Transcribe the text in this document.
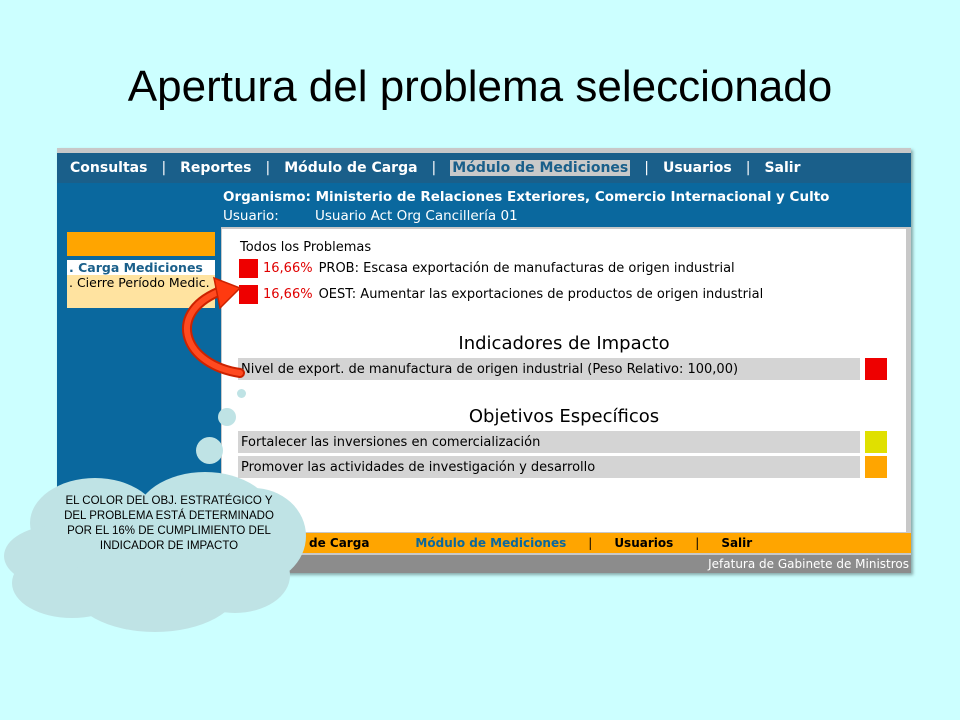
Apertura del problema seleccionado
Consultas | Reportes | Módulo de Carga | Módulo de Mediciones | Usuarios | Salir
Organismo: Ministerio de Relaciones Exteriores, Comercio Internacional y Culto
Usuario:	Usuario Act Org Cancillería 01
. Carga Mediciones
. Cierre Período Medic.
Todos los Problemas
16,66% PROB: Escasa exportación de manufacturas de origen industrial
16,66% OEST: Aumentar las exportaciones de productos de origen industrial
Indicadores de Impacto
Nivel de export. de manufactura de origen industrial (Peso Relativo: 100,00)
Objetivos Específicos
Fortalecer las inversiones en comercialización
Promover las actividades de investigación y desarrollo
de Carga	Módulo de Mediciones | Usuarios | Salir
Jefatura de Gabinete de Ministros
EL COLOR DEL OBJ. ESTRATÉGICO Y DEL PROBLEMA ESTÁ DETERMINADO POR EL 16% DE CUMPLIMIENTO DEL INDICADOR DE IMPACTO
